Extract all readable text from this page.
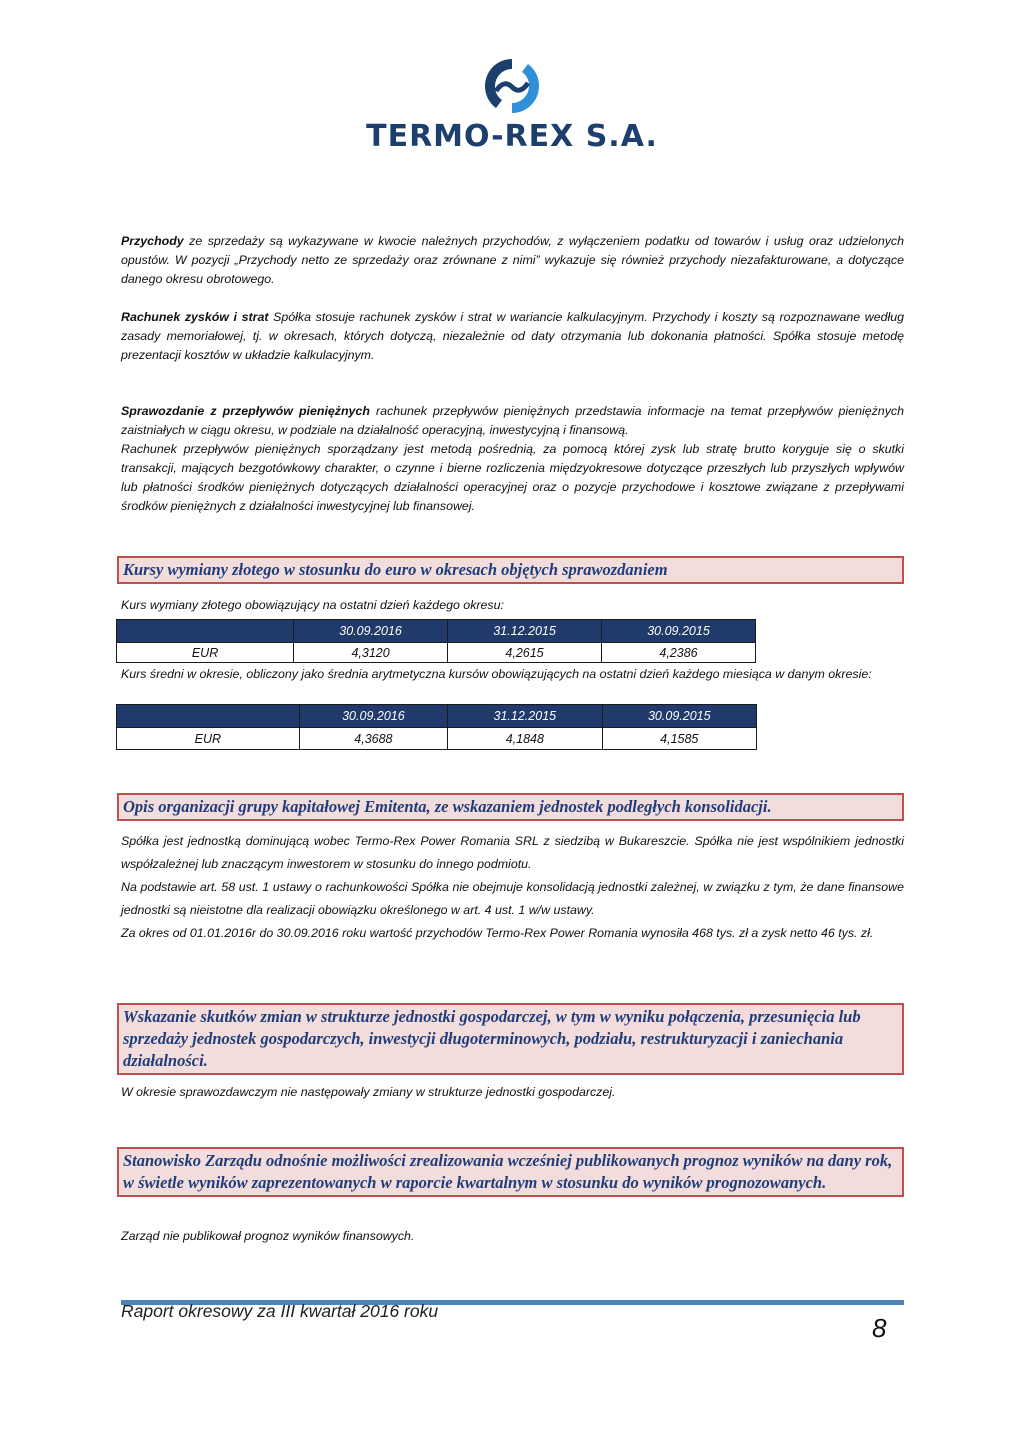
TERMO-REX S.A.

Przychody ze sprzedaży są wykazywane w kwocie należnych przychodów, z wyłączeniem podatku od towarów i usług oraz udzielonych opustów. W pozycji „Przychody netto ze sprzedaży oraz zrównane z nimi” wykazuje się również przychody niezafakturowane, a dotyczące danego okresu obrotowego.

Rachunek zysków i strat Spółka stosuje rachunek zysków i strat w wariancie kalkulacyjnym. Przychody i koszty są rozpoznawane według zasady memoriałowej, tj. w okresach, których dotyczą, niezależnie od daty otrzymania lub dokonania płatności. Spółka stosuje metodę prezentacji kosztów w układzie kalkulacyjnym.

Sprawozdanie z przepływów pieniężnych rachunek przepływów pieniężnych przedstawia informacje na temat przepływów pieniężnych zaistniałych w ciągu okresu, w podziale na działalność operacyjną, inwestycyjną i finansową.

Rachunek przepływów pieniężnych sporządzany jest metodą pośrednią, za pomocą której zysk lub stratę brutto koryguje się o skutki transakcji, mających bezgotówkowy charakter, o czynne i bierne rozliczenia międzyokresowe dotyczące przeszłych lub przyszłych wpływów lub płatności środków pieniężnych dotyczących działalności operacyjnej oraz o pozycje przychodowe i kosztowe związane z przepływami środków pieniężnych z działalności inwestycyjnej lub finansowej.

Kursy wymiany złotego w stosunku do euro w okresach objętych sprawozdaniem

Kurs wymiany złotego obowiązujący na ostatni dzień każdego okresu:

	30.09.2016	31.12.2015	30.09.2015
EUR	4,3120	4,2615	4,2386

Kurs średni w okresie, obliczony jako średnia arytmetyczna kursów obowiązujących na ostatni dzień każdego miesiąca w danym okresie:

	30.09.2016	31.12.2015	30.09.2015
EUR	4,3688	4,1848	4,1585
Opis organizacji grupy kapitałowej Emitenta, ze wskazaniem jednostek podległych konsolidacji.

Spółka jest jednostką dominującą wobec Termo-Rex Power Romania SRL z siedzibą w Bukareszcie. Spółka nie jest wspólnikiem jednostki współzależnej lub znaczącym inwestorem w stosunku do innego podmiotu.

Na podstawie art. 58 ust. 1 ustawy o rachunkowości Spółka nie obejmuje konsolidacją jednostki zależnej, w związku z tym, że dane finansowe jednostki są nieistotne dla realizacji obowiązku określonego w art. 4 ust. 1 w/w ustawy.

Za okres od 01.01.2016r do 30.09.2016 roku wartość przychodów Termo-Rex Power Romania wynosiła 468 tys. zł a zysk netto 46 tys. zł.

Wskazanie skutków zmian w strukturze jednostki gospodarczej, w tym w wyniku połączenia, przesunięcia lub sprzedaży jednostek gospodarczych, inwestycji długoterminowych, podziału, restrukturyzacji i zaniechania działalności.

W okresie sprawozdawczym nie następowały zmiany w strukturze jednostki gospodarczej.

Stanowisko Zarządu odnośnie możliwości zrealizowania wcześniej publikowanych prognoz wyników na dany rok, w świetle wyników zaprezentowanych w raporcie kwartalnym w stosunku do wyników prognozowanych.

Zarząd nie publikował prognoz wyników finansowych.

Raport okresowy za III kwartał 2016 roku
8
